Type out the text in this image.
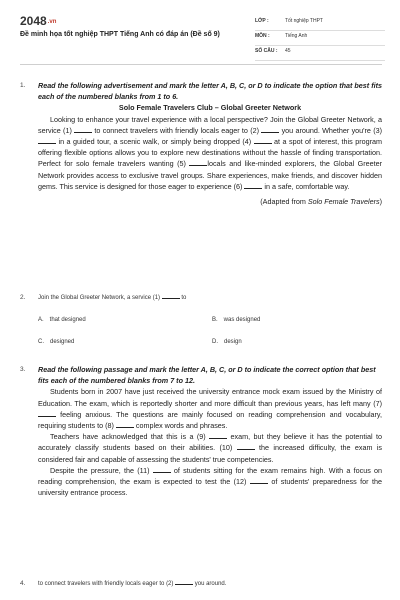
2048.vn
Đề minh họa tốt nghiệp THPT Tiếng Anh có đáp án (Đề số 9)
LỚP :	Tốt nghiệp THPT
MÔN :	Tiếng Anh
SỐ CÂU : 45
1. Read the following advertisement and mark the letter A, B, C, or D to indicate the option that best fits each of the numbered blanks from 1 to 6.
Solo Female Travelers Club – Global Greeter Network
Looking to enhance your travel experience with a local perspective? Join the Global Greeter Network, a service (1)	to connect travelers with friendly locals eager to (2)	you around. Whether you're (3)  in a guided tour, a scenic walk, or simply being dropped (4)	at a spot of interest, this program offering flexible options allows you to explore new destinations without the hassle of finding transportation. Perfect for solo female travelers wanting (5)	locals and like-minded explorers, the Global Greeter Network provides access to exclusive travel groups. Share experiences, make friends, and discover hidden gems. This service is designed for those eager to experience (6)	in a safe, comfortable way.
(Adapted from Solo Female Travelers)
2. Join the Global Greeter Network, a service (1)	to
A. that designed	B. was designed
C. designed	D. design
3. Read the following passage and mark the letter A, B, C, or D to indicate the correct option that best fits each of the numbered blanks from 7 to 12.
Students born in 2007 have just received the university entrance mock exam issued by the Ministry of Education. The exam, which is reportedly shorter and more difficult than previous years, has left many (7)  feeling anxious. The questions are mainly focused on reading comprehension and vocabulary, requiring students to (8)	complex words and phrases.
Teachers have acknowledged that this is a (9)	exam, but they believe it has the potential to accurately classify students based on their abilities. (10)	the increased difficulty, the exam is considered fair and capable of assessing the students' true competencies.
Despite the pressure, the (11)	of students sitting for the exam remains high. With a focus on reading comprehension, the exam is expected to test the (12)	of students' preparedness for the university entrance process.
4. to connect travelers with friendly locals eager to (2)	you around.
